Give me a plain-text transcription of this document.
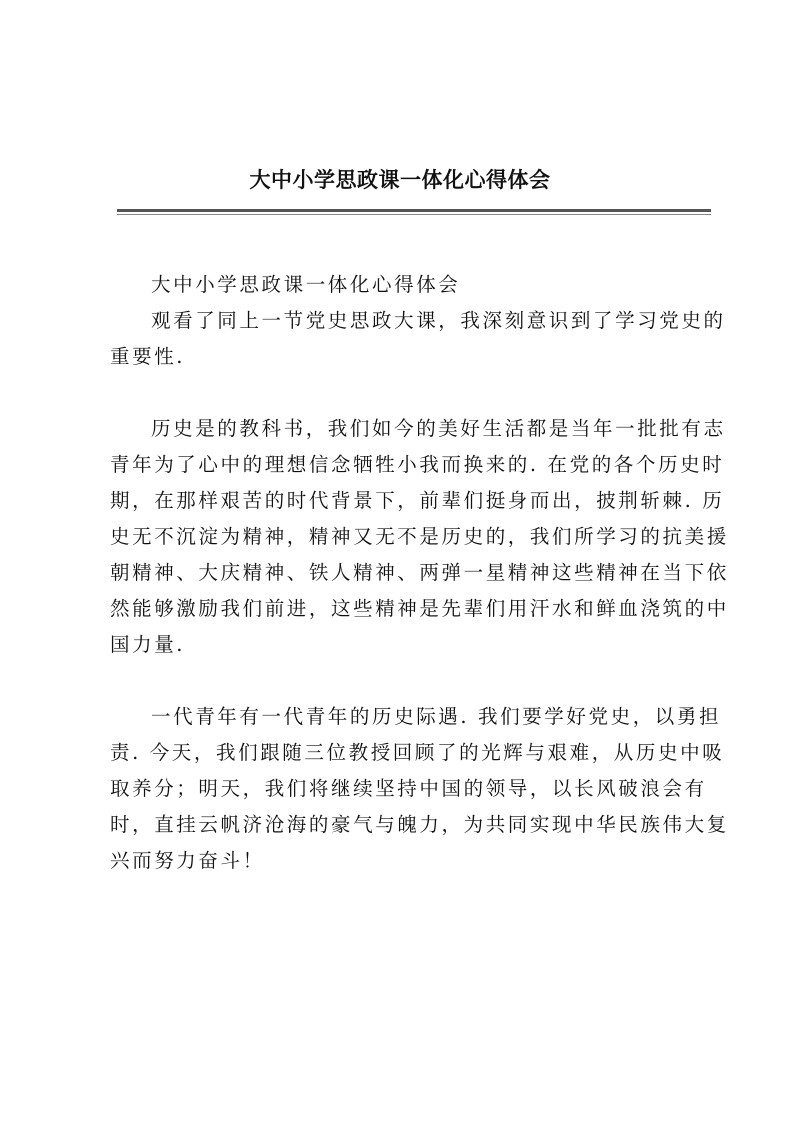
大中小学思政课一体化心得体会

大中小学思政课一体化心得体会

观看了同上一节党史思政大课，我深刻意识到了学习党史的

重要性.

历史是的教科书，我们如今的美好生活都是当年一批批有志

青年为了心中的理想信念牺牲小我而换来的. 在党的各个历史时

期，在那样艰苦的时代背景下，前辈们挺身而出，披荆斩棘. 历

史无不沉淀为精神，精神又无不是历史的，我们所学习的抗美援

朝精神、大庆精神、铁人精神、两弹一星精神这些精神在当下依

然能够激励我们前进，这些精神是先辈们用汗水和鲜血浇筑的中

国力量.

一代青年有一代青年的历史际遇. 我们要学好党史，以勇担

责. 今天，我们跟随三位教授回顾了的光辉与艰难，从历史中吸

取养分；明天，我们将继续坚持中国的领导，以长风破浪会有

时，直挂云帆济沧海的豪气与魄力，为共同实现中华民族伟大复

兴而努力奋斗！
